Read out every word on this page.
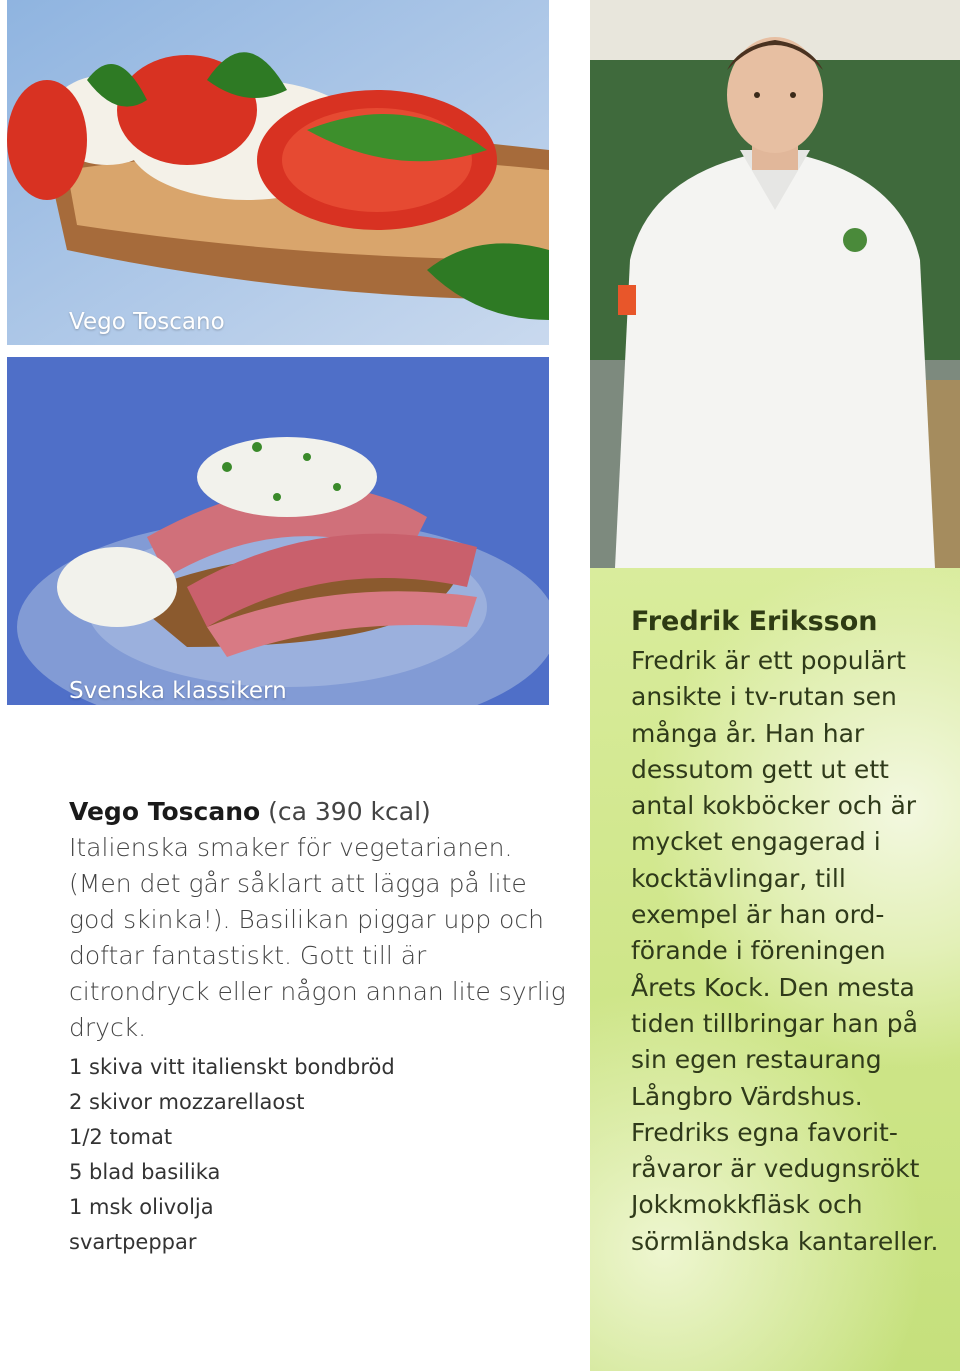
Vego Toscano
Svenska klassikern

Vego Toscano (ca 390 kcal)

Italienska smaker för vegetarianen. (Men det går såklart att lägga på lite god skinka!). Basilikan piggar upp och doftar fantastiskt. Gott till är citrondryck eller någon annan lite syrlig dryck.

1 skiva vitt italienskt bondbröd
2 skivor mozzarellaost
1/2 tomat
5 blad basilika
1 msk olivolja
svartpeppar

Fredrik Eriksson

Fredrik är ett populärt ansikte i tv-rutan sen många år. Han har dessutom gett ut ett antal kokböcker och är mycket engagerad i kocktävlingar, till exempel är han ord-förande i föreningen Årets Kock. Den mesta tiden tillbringar han på sin egen restaurang Långbro Värdshus. Fredriks egna favorit-råvaror är vedugnsrökt Jokkmokkfläsk och sörmländska kantareller.
